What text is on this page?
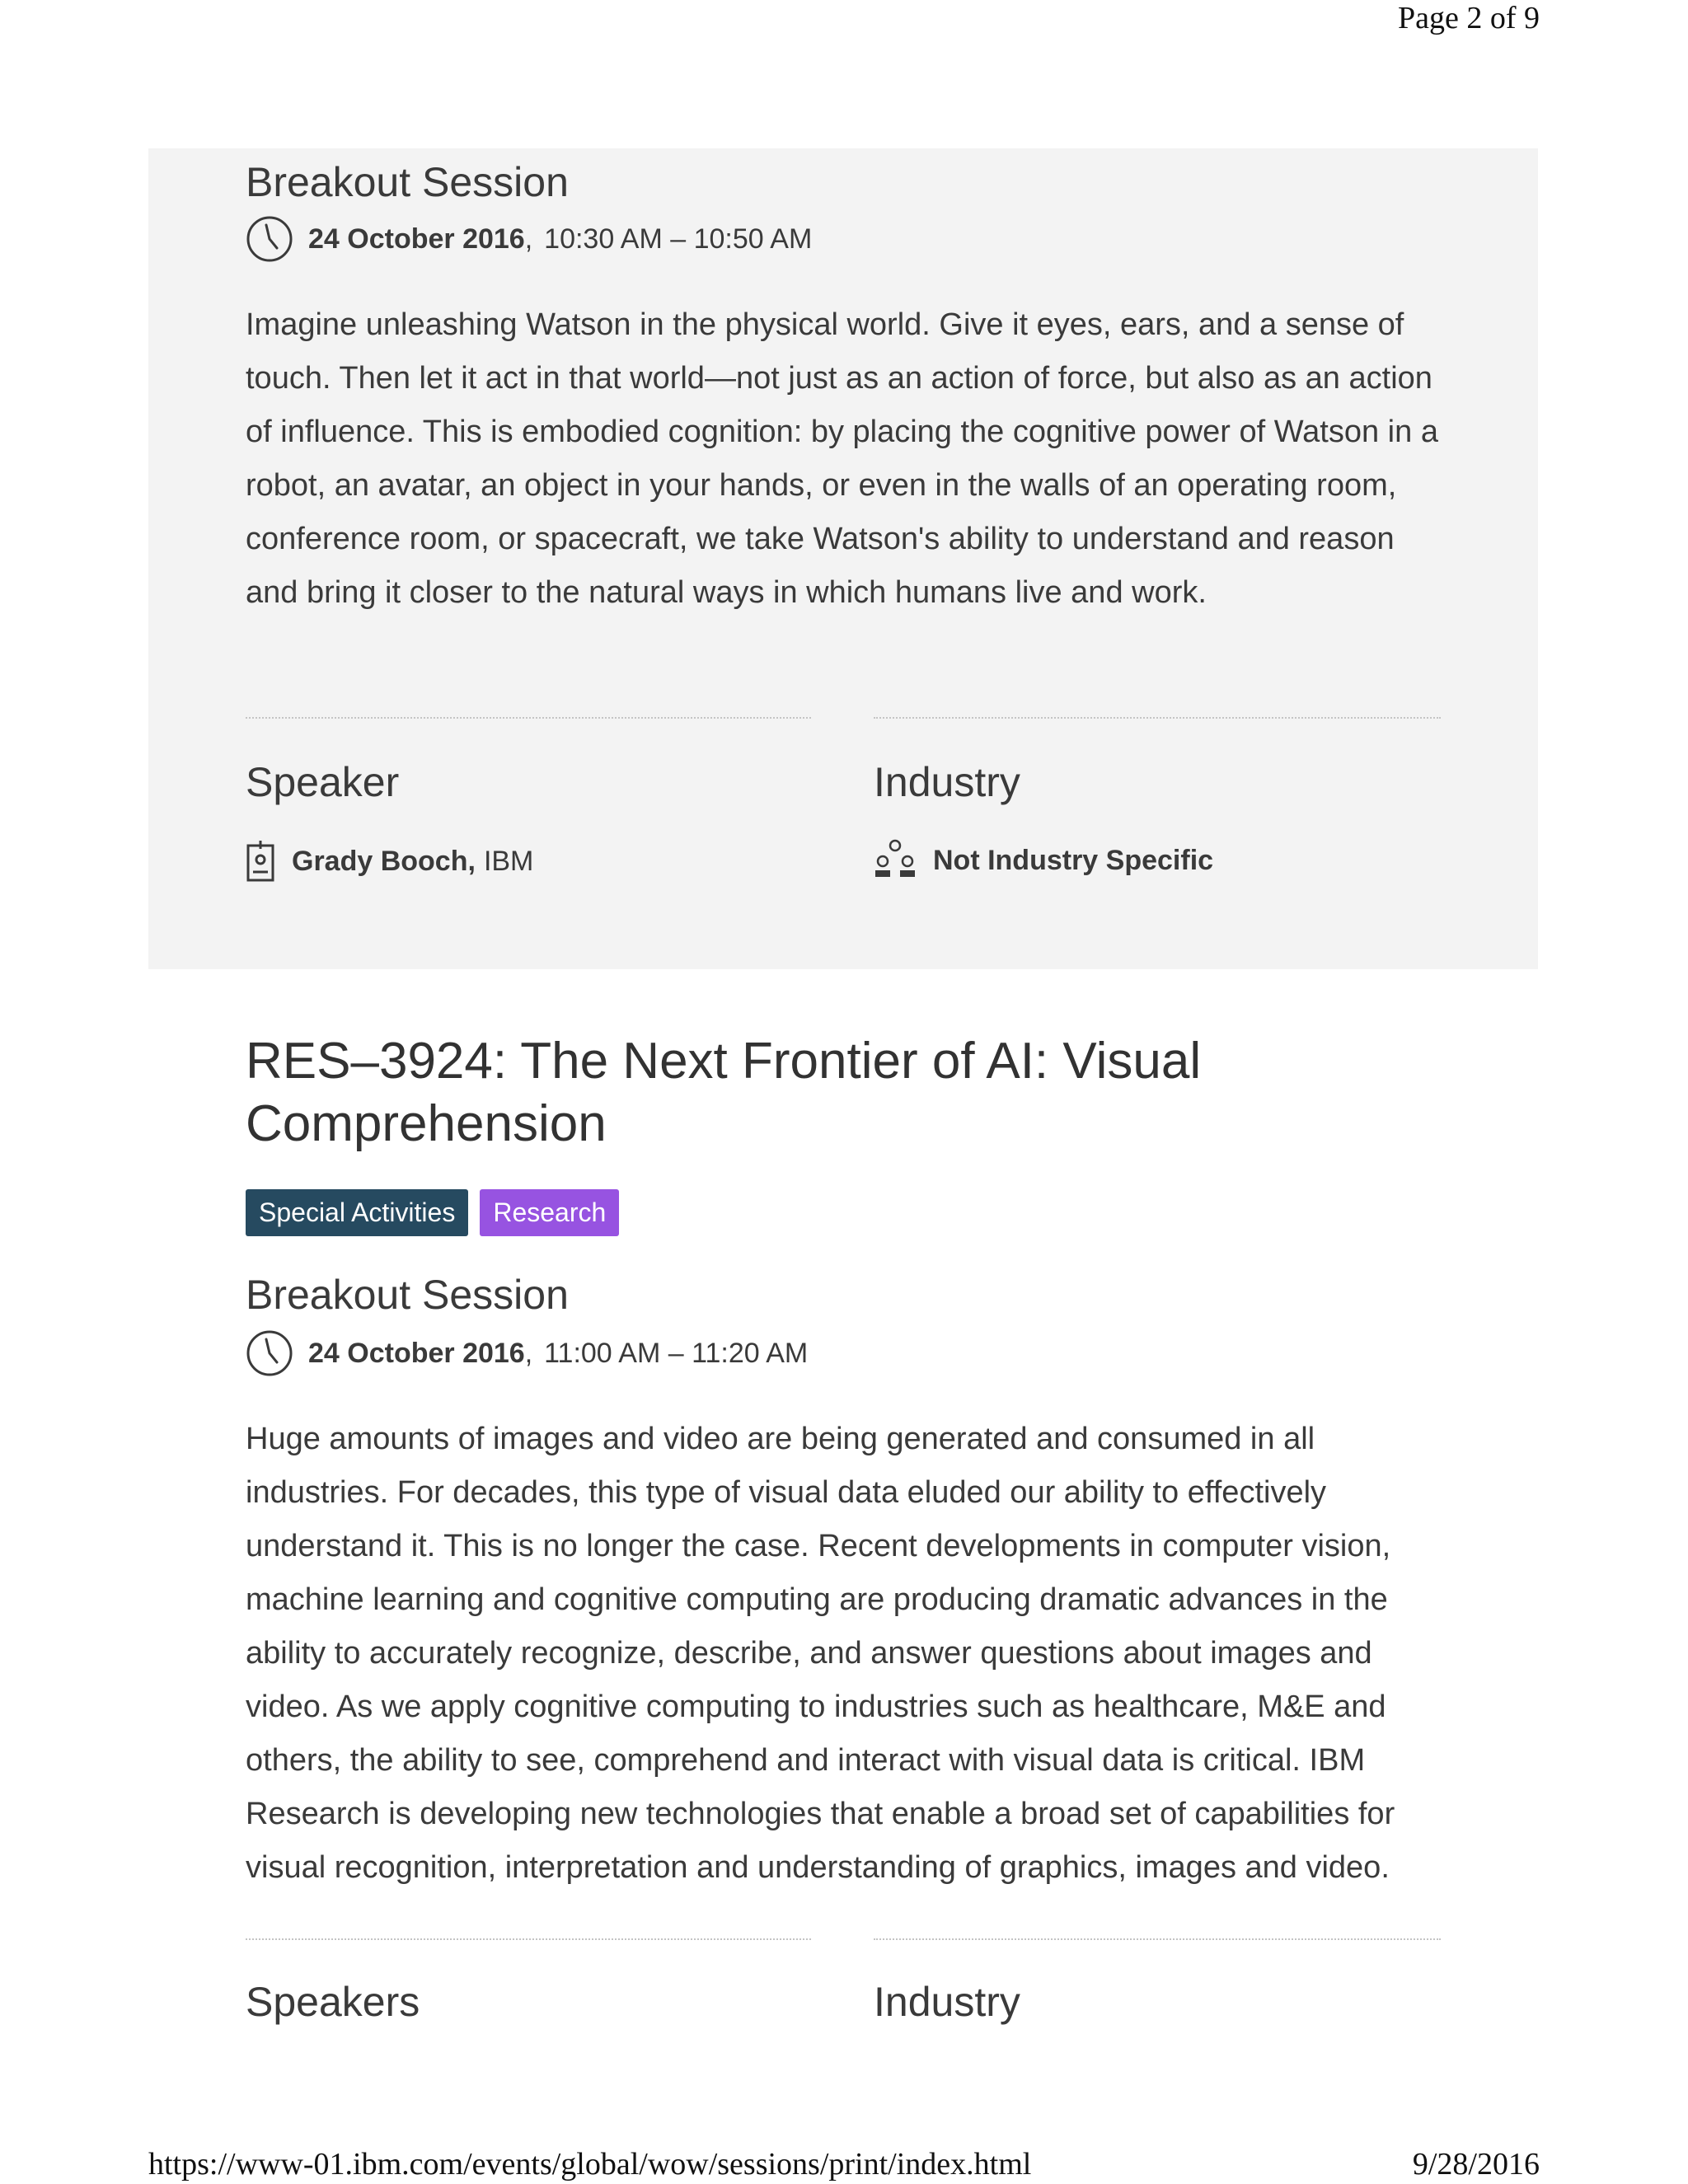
Page 2 of 9
Breakout Session
24 October 2016 , 10:30 AM – 10:50 AM
Imagine unleashing Watson in the physical world. Give it eyes, ears, and a sense of touch. Then let it act in that world—not just as an action of force, but also as an action of influence. This is embodied cognition: by placing the cognitive power of Watson in a robot, an avatar, an object in your hands, or even in the walls of an operating room, conference room, or spacecraft, we take Watson's ability to understand and reason and bring it closer to the natural ways in which humans live and work.
Speaker	Industry
Grady Booch, IBM	Not Industry Specific
RES–3924: The Next Frontier of AI: Visual Comprehension
Special Activities	Research
Breakout Session
24 October 2016 , 11:00 AM – 11:20 AM
Huge amounts of images and video are being generated and consumed in all industries. For decades, this type of visual data eluded our ability to effectively understand it. This is no longer the case. Recent developments in computer vision, machine learning and cognitive computing are producing dramatic advances in the ability to accurately recognize, describe, and answer questions about images and video. As we apply cognitive computing to industries such as healthcare, M&E and others, the ability to see, comprehend and interact with visual data is critical. IBM Research is developing new technologies that enable a broad set of capabilities for visual recognition, interpretation and understanding of graphics, images and video.
Speakers	Industry
https://www-01.ibm.com/events/global/wow/sessions/print/index.html	9/28/2016
